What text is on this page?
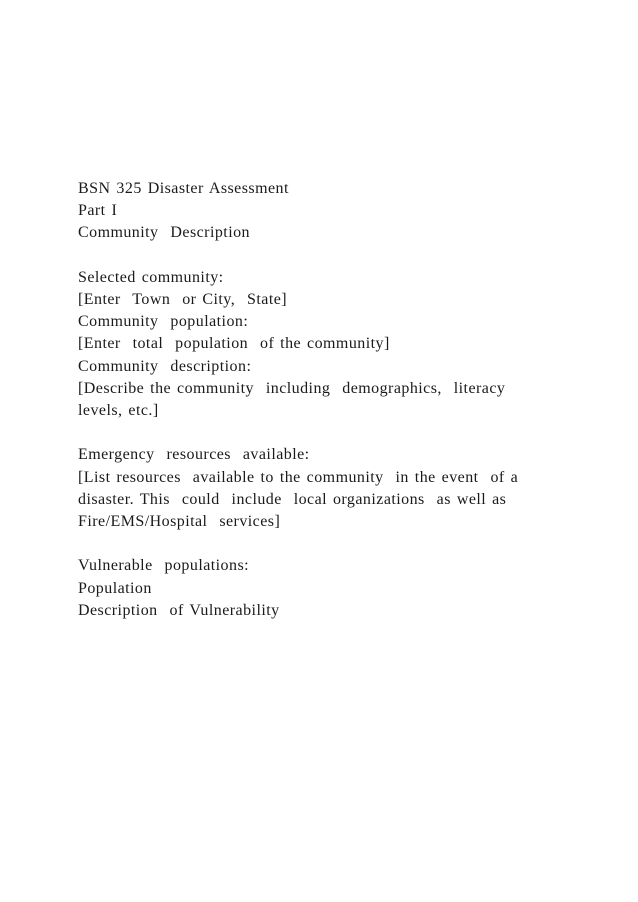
BSN 325 Disaster Assessment
Part I
Community  Description
Selected community:
[Enter  Town  or City,  State]
Community  population:
[Enter  total  population  of the community]
Community  description:
[Describe the community  including  demographics,  literacy
levels, etc.]
Emergency  resources  available:
[List resources  available to the community  in the event  of a
disaster. This  could  include  local organizations  as well as
Fire/EMS/Hospital  services]
Vulnerable  populations:
Population
Description  of Vulnerability
